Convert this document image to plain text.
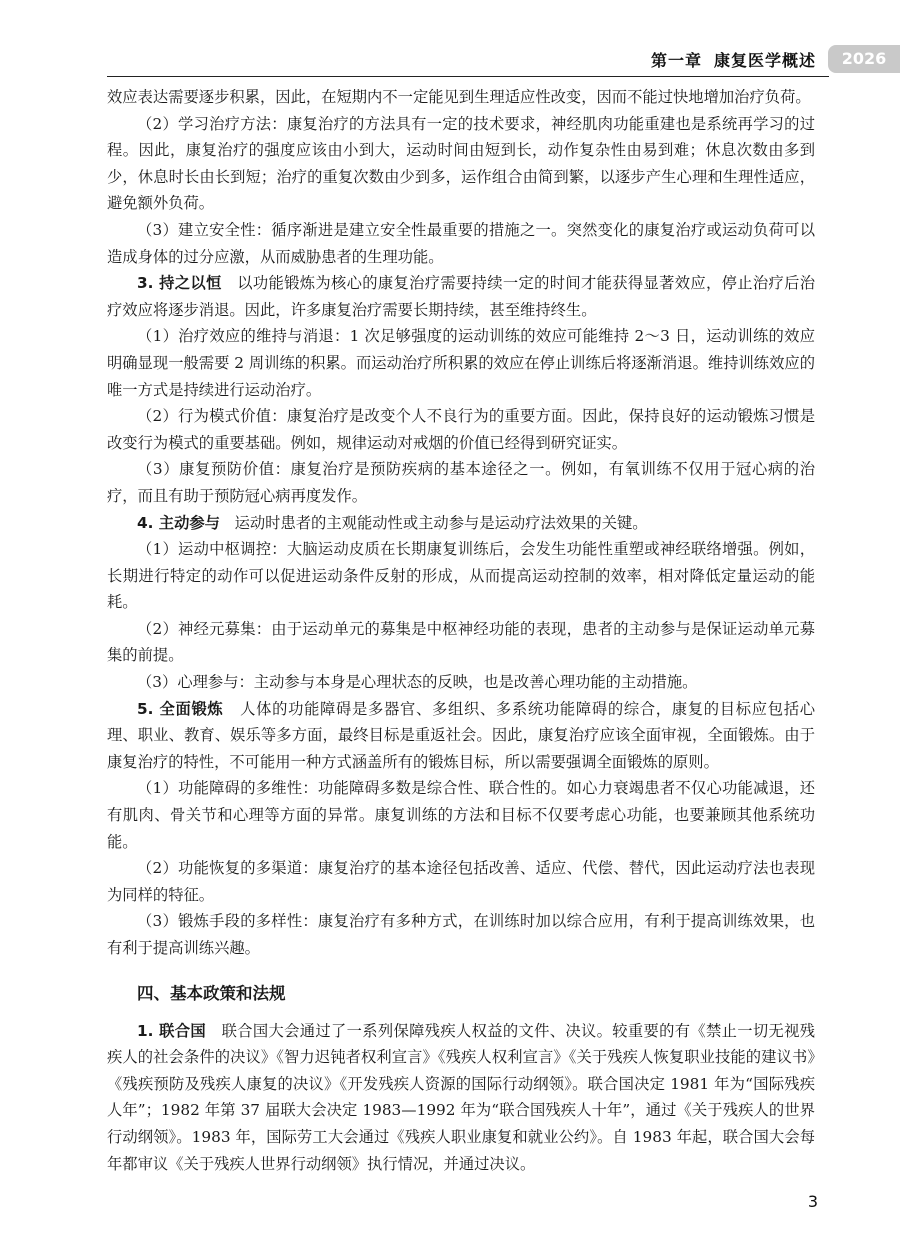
第一章 康复医学概述	2026

效应表达需要逐步积累，因此，在短期内不一定能见到生理适应性改变，因而不能过快地增加治疗负荷。

（2）学习治疗方法：康复治疗的方法具有一定的技术要求，神经肌肉功能重建也是系统再学习的过程。因此，康复治疗的强度应该由小到大，运动时间由短到长，动作复杂性由易到难；休息次数由多到少，休息时长由长到短；治疗的重复次数由少到多，运作组合由简到繁，以逐步产生心理和生理性适应，避免额外负荷。

（3）建立安全性：循序渐进是建立安全性最重要的措施之一。突然变化的康复治疗或运动负荷可以造成身体的过分应激，从而威胁患者的生理功能。

3. 持之以恒 以功能锻炼为核心的康复治疗需要持续一定的时间才能获得显著效应，停止治疗后治疗效应将逐步消退。因此，许多康复治疗需要长期持续，甚至维持终生。

（1）治疗效应的维持与消退：1 次足够强度的运动训练的效应可能维持 2～3 日，运动训练的效应明确显现一般需要 2 周训练的积累。而运动治疗所积累的效应在停止训练后将逐渐消退。维持训练效应的唯一方式是持续进行运动治疗。

（2）行为模式价值：康复治疗是改变个人不良行为的重要方面。因此，保持良好的运动锻炼习惯是改变行为模式的重要基础。例如，规律运动对戒烟的价值已经得到研究证实。

（3）康复预防价值：康复治疗是预防疾病的基本途径之一。例如，有氧训练不仅用于冠心病的治疗，而且有助于预防冠心病再度发作。

4. 主动参与 运动时患者的主观能动性或主动参与是运动疗法效果的关键。

（1）运动中枢调控：大脑运动皮质在长期康复训练后，会发生功能性重塑或神经联络增强。例如，长期进行特定的动作可以促进运动条件反射的形成，从而提高运动控制的效率，相对降低定量运动的能耗。

（2）神经元募集：由于运动单元的募集是中枢神经功能的表现，患者的主动参与是保证运动单元募集的前提。

（3）心理参与：主动参与本身是心理状态的反映，也是改善心理功能的主动措施。

5. 全面锻炼 人体的功能障碍是多器官、多组织、多系统功能障碍的综合，康复的目标应包括心理、职业、教育、娱乐等多方面，最终目标是重返社会。因此，康复治疗应该全面审视，全面锻炼。由于康复治疗的特性，不可能用一种方式涵盖所有的锻炼目标，所以需要强调全面锻炼的原则。

（1）功能障碍的多维性：功能障碍多数是综合性、联合性的。如心力衰竭患者不仅心功能减退，还有肌肉、骨关节和心理等方面的异常。康复训练的方法和目标不仅要考虑心功能，也要兼顾其他系统功能。

（2）功能恢复的多渠道：康复治疗的基本途径包括改善、适应、代偿、替代，因此运动疗法也表现为同样的特征。

（3）锻炼手段的多样性：康复治疗有多种方式，在训练时加以综合应用，有利于提高训练效果，也有利于提高训练兴趣。

四、基本政策和法规

1. 联合国 联合国大会通过了一系列保障残疾人权益的文件、决议。较重要的有《禁止一切无视残疾人的社会条件的决议》《智力迟钝者权利宣言》《残疾人权利宣言》《关于残疾人恢复职业技能的建议书》《残疾预防及残疾人康复的决议》《开发残疾人资源的国际行动纲领》。联合国决定 1981 年为“国际残疾人年”；1982 年第 37 届联大会决定 1983—1992 年为“联合国残疾人十年”，通过《关于残疾人的世界行动纲领》。1983 年，国际劳工大会通过《残疾人职业康复和就业公约》。自 1983 年起，联合国大会每年都审议《关于残疾人世界行动纲领》执行情况，并通过决议。

3
